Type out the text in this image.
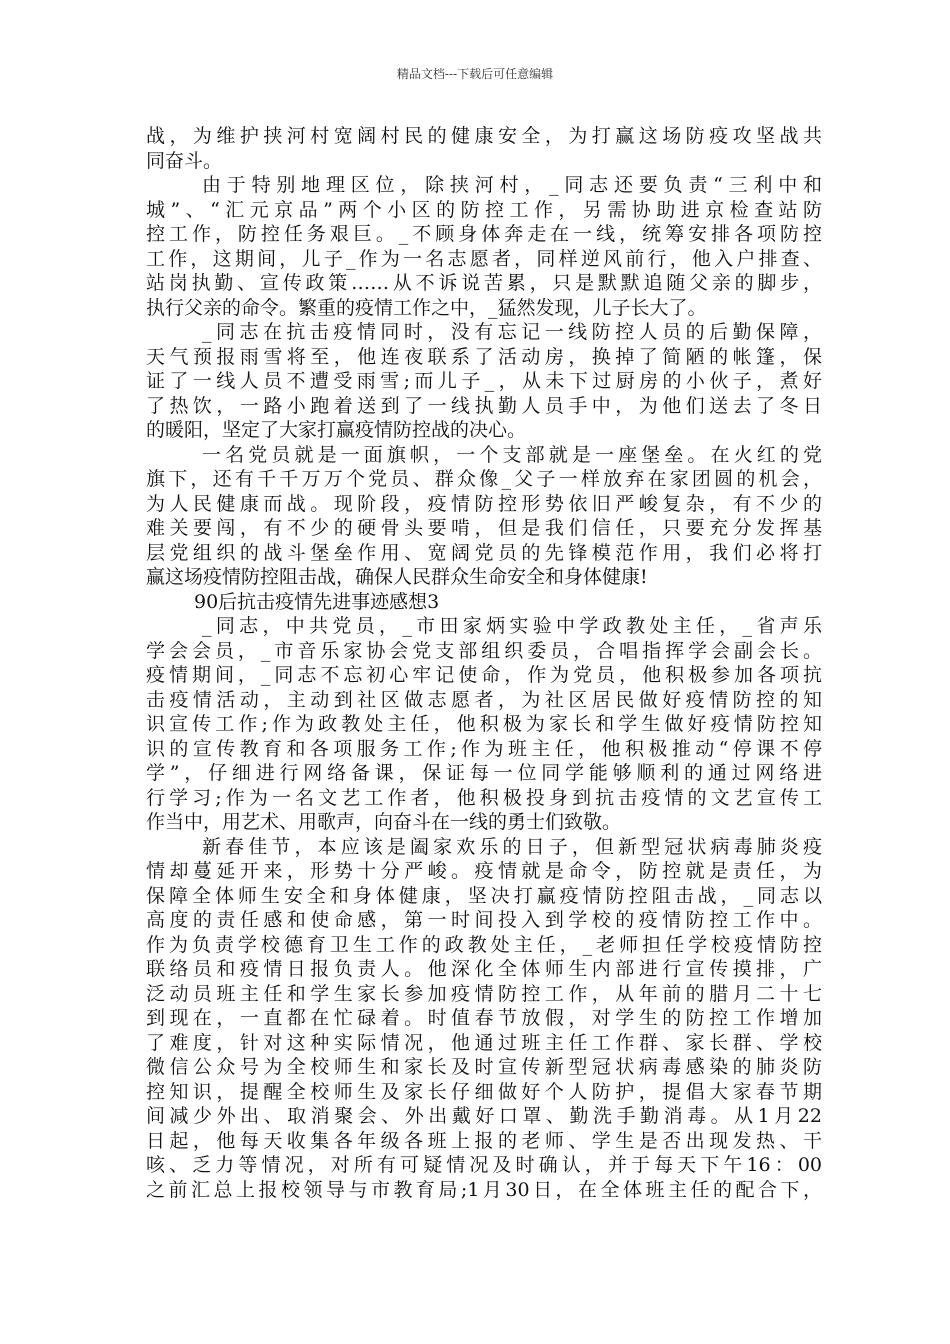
精品文档---下载后可任意编辑
战，为维护挟河村宽阔村民的健康安全，为打赢这场防疫攻坚战共
同奋斗。
由于特别地理区位，除挟河村，_同志还要负责“三利中和
城”、“汇元京品”两个小区的防控工作，另需协助进京检查站防
控工作，防控任务艰巨。_不顾身体奔走在一线，统筹安排各项防控
工作，这期间，儿子_作为一名志愿者，同样逆风前行，他入户排查、
站岗执勤、宣传政策……从不诉说苦累，只是默默追随父亲的脚步，
执行父亲的命令。繁重的疫情工作之中，_猛然发现，儿子长大了。
_同志在抗击疫情同时，没有忘记一线防控人员的后勤保障，
天气预报雨雪将至，他连夜联系了活动房，换掉了简陋的帐篷，保
证了一线人员不遭受雨雪;而儿子_，从未下过厨房的小伙子，煮好
了热饮，一路小跑着送到了一线执勤人员手中，为他们送去了冬日
的暖阳，坚定了大家打赢疫情防控战的决心。
一名党员就是一面旗帜，一个支部就是一座堡垒。在火红的党
旗下，还有千千万万个党员、群众像_父子一样放弃在家团圆的机会，
为人民健康而战。现阶段，疫情防控形势依旧严峻复杂，有不少的
难关要闯，有不少的硬骨头要啃，但是我们信任，只要充分发挥基
层党组织的战斗堡垒作用、宽阔党员的先锋模范作用，我们必将打
赢这场疫情防控阻击战，确保人民群众生命安全和身体健康!
90后抗击疫情先进事迹感想3
_同志，中共党员，_市田家炳实验中学政教处主任，_省声乐
学会会员，_市音乐家协会党支部组织委员，合唱指挥学会副会长。
疫情期间，_同志不忘初心牢记使命，作为党员，他积极参加各项抗
击疫情活动，主动到社区做志愿者，为社区居民做好疫情防控的知
识宣传工作;作为政教处主任，他积极为家长和学生做好疫情防控知
识的宣传教育和各项服务工作;作为班主任，他积极推动“停课不停
学”，仔细进行网络备课，保证每一位同学能够顺利的通过网络进
行学习;作为一名文艺工作者，他积极投身到抗击疫情的文艺宣传工
作当中，用艺术、用歌声，向奋斗在一线的勇士们致敬。
新春佳节，本应该是阖家欢乐的日子，但新型冠状病毒肺炎疫
情却蔓延开来，形势十分严峻。疫情就是命令，防控就是责任，为
保障全体师生安全和身体健康，坚决打赢疫情防控阻击战，_同志以
高度的责任感和使命感，第一时间投入到学校的疫情防控工作中。
作为负责学校德育卫生工作的政教处主任，_老师担任学校疫情防控
联络员和疫情日报负责人。他深化全体师生内部进行宣传摸排，广
泛动员班主任和学生家长参加疫情防控工作，从年前的腊月二十七
到现在，一直都在忙碌着。时值春节放假，对学生的防控工作增加
了难度，针对这种实际情况，他通过班主任工作群、家长群、学校
微信公众号为全校师生和家长及时宣传新型冠状病毒感染的肺炎防
控知识，提醒全校师生及家长仔细做好个人防护，提倡大家春节期
间减少外出、取消聚会、外出戴好口罩、勤洗手勤消毒。从1月22
日起，他每天收集各年级各班上报的老师、学生是否出现发热、干
咳、乏力等情况，对所有可疑情况及时确认，并于每天下午16：00
之前汇总上报校领导与市教育局;1月30日，在全体班主任的配合下，
